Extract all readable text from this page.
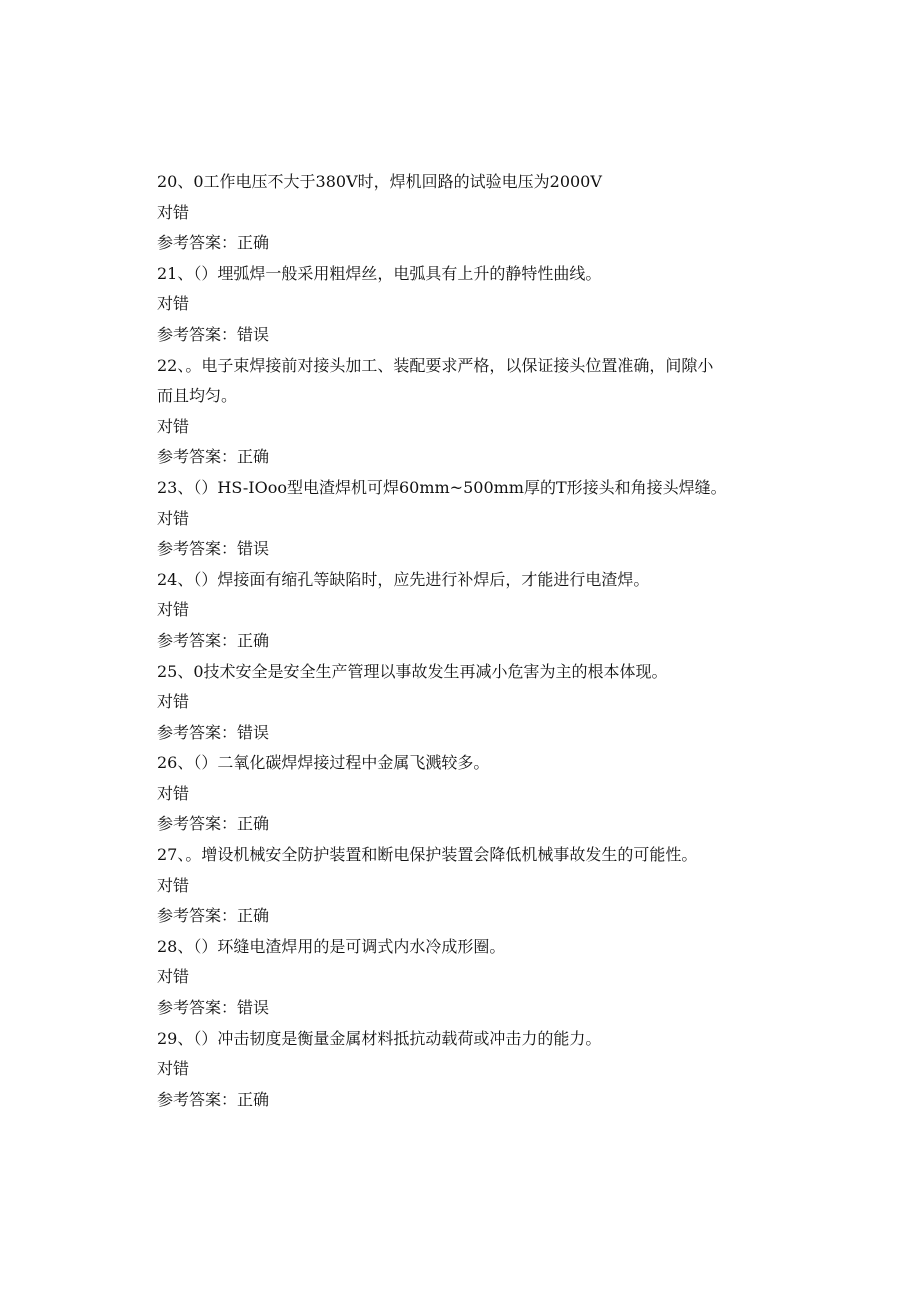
20、0工作电压不大于380V时，焊机回路的试验电压为2000V
对错
参考答案：正确
21、（）埋弧焊一般采用粗焊丝，电弧具有上升的静特性曲线。
对错
参考答案：错误
22、。电子束焊接前对接头加工、装配要求严格，以保证接头位置准确，间隙小
而且均匀。
对错
参考答案：正确
23、（）HS-IOoo型电渣焊机可焊60mm~500mm厚的T形接头和角接头焊缝。
对错
参考答案：错误
24、（）焊接面有缩孔等缺陷时，应先进行补焊后，才能进行电渣焊。
对错
参考答案：正确
25、0技术安全是安全生产管理以事故发生再减小危害为主的根本体现。
对错
参考答案：错误
26、（）二氧化碳焊焊接过程中金属飞溅较多。
对错
参考答案：正确
27、。增设机械安全防护装置和断电保护装置会降低机械事故发生的可能性。
对错
参考答案：正确
28、（）环缝电渣焊用的是可调式内水冷成形圈。
对错
参考答案：错误
29、（）冲击韧度是衡量金属材料抵抗动载荷或冲击力的能力。
对错
参考答案：正确
